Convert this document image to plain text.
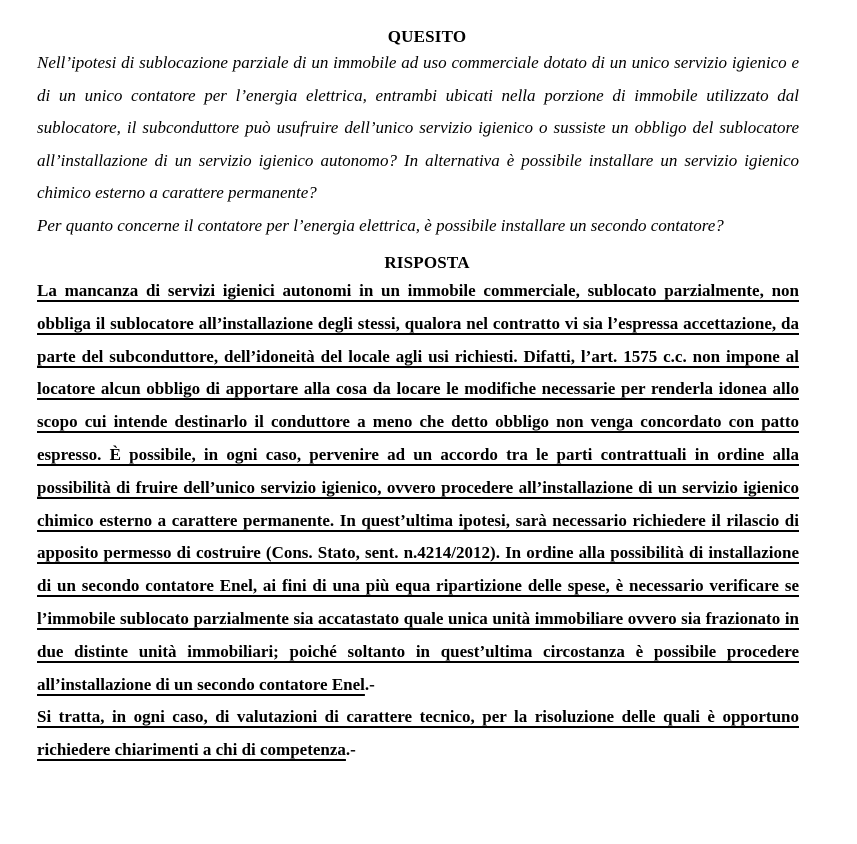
QUESITO
Nell’ipotesi di sublocazione parziale di un immobile ad uso commerciale dotato di un unico servizio igienico e di un unico contatore per l’energia elettrica, entrambi ubicati nella porzione di immobile utilizzato dal sublocatore, il subconduttore può usufruire dell’unico servizio igienico o sussiste un obbligo del sublocatore all’installazione di un servizio igienico autonomo? In alternativa è possibile installare un servizio igienico chimico esterno a carattere permanente?
Per quanto concerne il contatore per l’energia elettrica, è possibile installare un secondo contatore?
RISPOSTA
La mancanza di servizi igienici autonomi in un immobile commerciale, sublocato parzialmente, non obbliga il sublocatore all’installazione degli stessi, qualora nel contratto vi sia l’espressa accettazione, da parte del subconduttore, dell’idoneità del locale agli usi richiesti. Difatti, l’art. 1575 c.c. non impone al locatore alcun obbligo di apportare alla cosa da locare le modifiche necessarie per renderla idonea allo scopo cui intende destinarlo il conduttore a meno che detto obbligo non venga concordato con patto espresso. È possibile, in ogni caso, pervenire ad un accordo tra le parti contrattuali in ordine alla possibilità di fruire dell’unico servizio igienico, ovvero procedere all’installazione di un servizio igienico chimico esterno a carattere permanente. In quest’ultima ipotesi, sarà necessario richiedere il rilascio di apposito permesso di costruire (Cons. Stato, sent. n.4214/2012). In ordine alla possibilità di installazione di un secondo contatore Enel, ai fini di una più equa ripartizione delle spese, è necessario verificare se l’immobile sublocato parzialmente sia accatastato quale unica unità immobiliare ovvero sia frazionato in due distinte unità immobiliari; poiché soltanto in quest’ultima circostanza è possibile procedere all’installazione di un secondo contatore Enel.-
Si tratta, in ogni caso, di valutazioni di carattere tecnico, per la risoluzione delle quali è opportuno richiedere chiarimenti a chi di competenza.-
